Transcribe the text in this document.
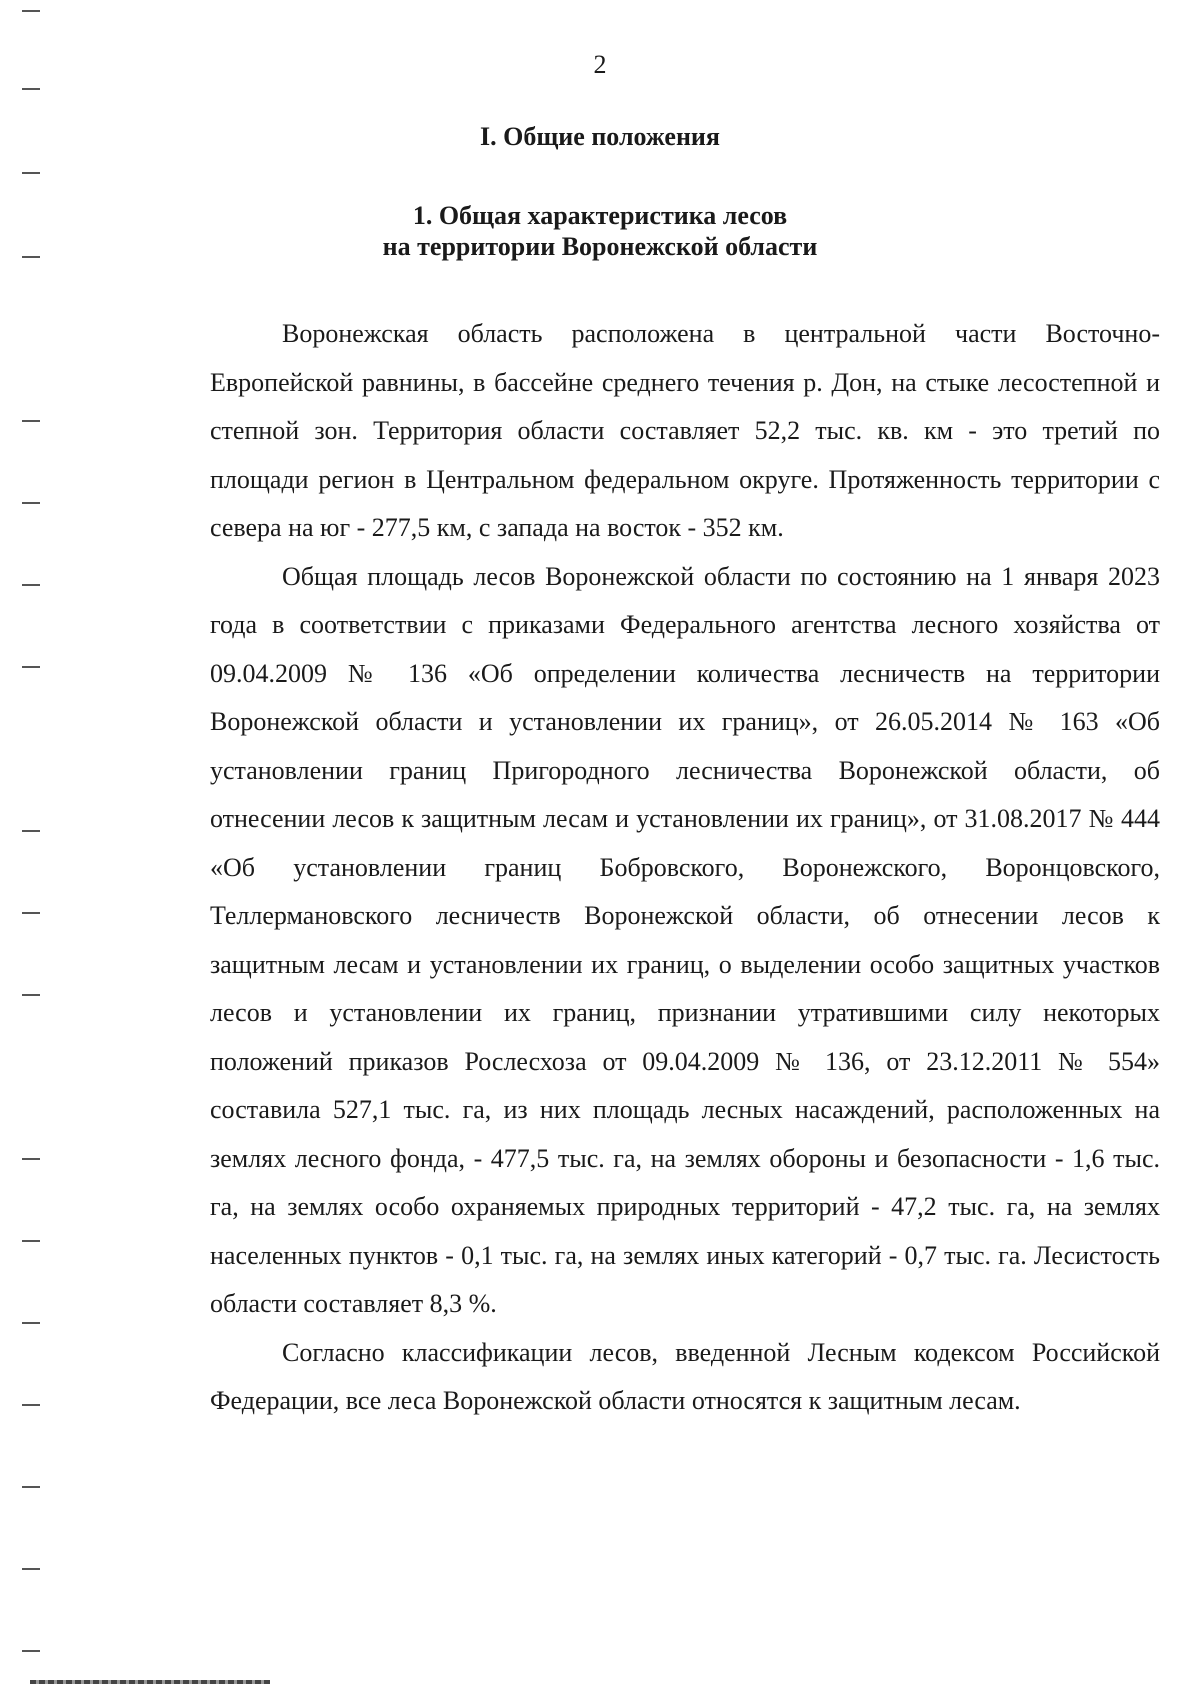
2
I. Общие положения
1. Общая характеристика лесов
на территории Воронежской области

Воронежская область расположена в центральной части Восточно-Европейской равнины, в бассейне среднего течения р. Дон, на стыке лесостепной и степной зон. Территория области составляет 52,2 тыс. кв. км - это третий по площади регион в Центральном федеральном округе. Протяженность территории с севера на юг - 277,5 км, с запада на восток - 352 км.

Общая площадь лесов Воронежской области по состоянию на 1 января 2023 года в соответствии с приказами Федерального агентства лесного хозяйства от 09.04.2009 № 136 «Об определении количества лесничеств на территории Воронежской области и установлении их границ», от 26.05.2014 № 163 «Об установлении границ Пригородного лесничества Воронежской области, об отнесении лесов к защитным лесам и установлении их границ», от 31.08.2017 № 444 «Об установлении границ Бобровского, Воронежского, Воронцовского, Теллермановского лесничеств Воронежской области, об отнесении лесов к защитным лесам и установлении их границ, о выделении особо защитных участков лесов и установлении их границ, признании утратившими силу некоторых положений приказов Рослесхоза от 09.04.2009 № 136, от 23.12.2011 № 554» составила 527,1 тыс. га, из них площадь лесных насаждений, расположенных на землях лесного фонда, - 477,5 тыс. га, на землях обороны и безопасности - 1,6 тыс. га, на землях особо охраняемых природных территорий - 47,2 тыс. га, на землях населенных пунктов - 0,1 тыс. га, на землях иных категорий - 0,7 тыс. га. Лесистость области составляет 8,3 %.

Согласно классификации лесов, введенной Лесным кодексом Российской Федерации, все леса Воронежской области относятся к защитным лесам.
